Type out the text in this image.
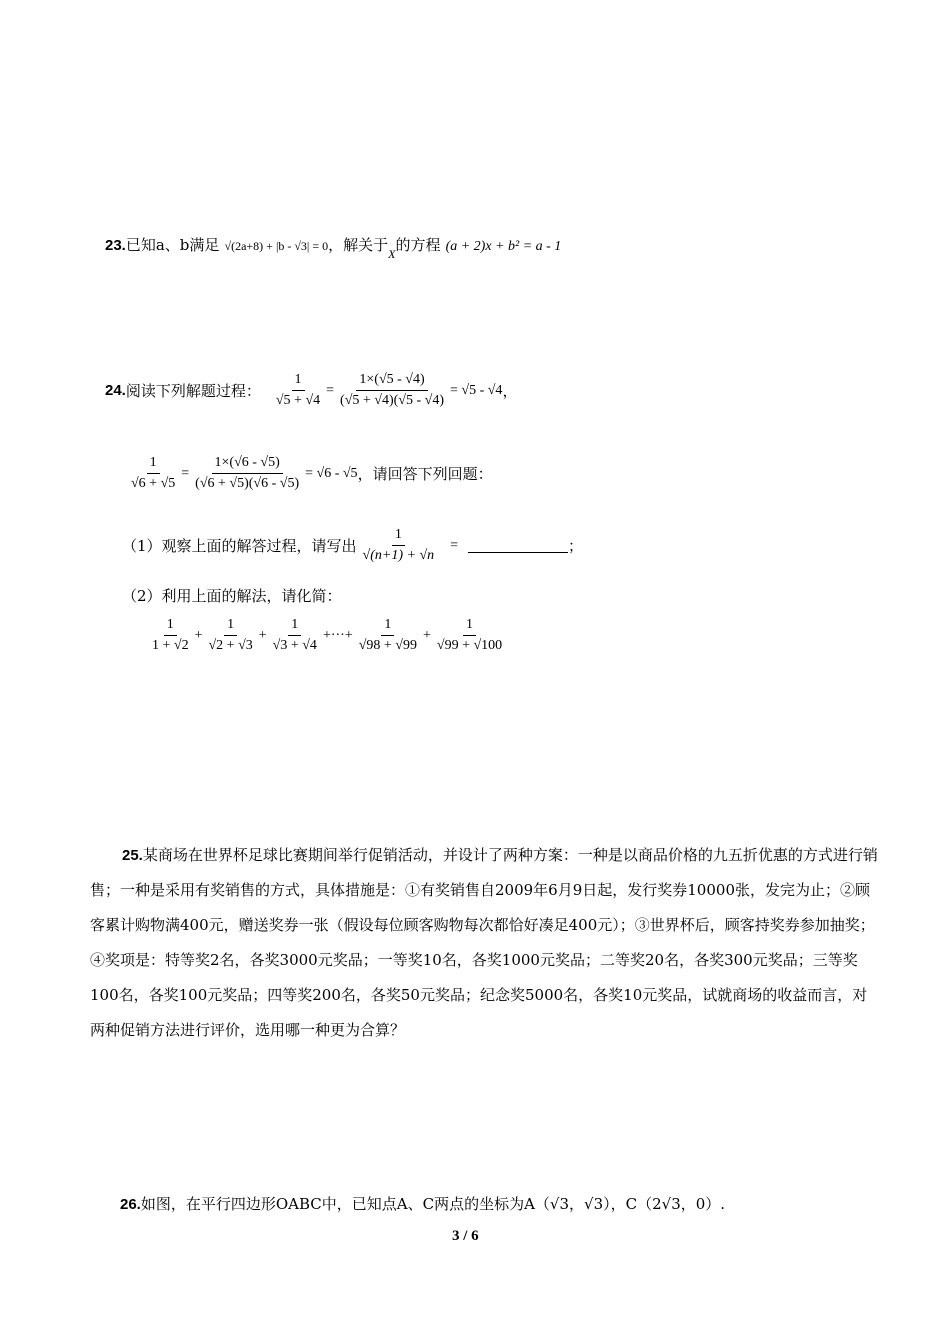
23.已知a、b满足 √(2a+8) + |b - √3| = 0，解关于$_X$的方程 (a + 2)x + b² = a - 1
24. 阅读下列解题过程： $\frac{1}{√5 + √4} = \frac{1\times(√5 - √4)}{(√5 + √4)(√5 - √4)} = √5 - √4$ ，
$\frac{1}{√6 + √5} = \frac{1\times(√6 - √5)}{(√6 + √5)(√6 - √5)} = √6 - √5$ ，请回答下列回题：
（1）观察上面的解答过程，请写出 $\frac{1}{√(n+1) + √n}$ =	；
（2）利用上面的解法，请化简：
$\frac{1}{1 + √2} + \frac{1}{√2 + √3} + \frac{1}{√3 + √4}$ +···+ $\frac{1}{√98 + √99} + \frac{1}{√99 + √100}$
25.某商场在世界杯足球比赛期间举行促销活动，并设计了两种方案：一种是以商品价格的九五折优惠的方式进行销售；一种是采用有奖销售的方式，具体措施是：①有奖销售自2009年6月9日起，发行奖券10000张，发完为止；②顾客累计购物满400元，赠送奖券一张（假设每位顾客购物每次都恰好凑足400元）；③世界杯后，顾客持奖券参加抽奖；④奖项是：特等奖2名，各奖3000元奖品；一等奖10名，各奖1000元奖品；二等奖20名，各奖300元奖品；三等奖100名，各奖100元奖品；四等奖200名，各奖50元奖品；纪念奖5000名，各奖10元奖品，试就商场的收益而言，对两种促销方法进行评价，选用哪一种更为合算？
26.如图，在平行四边形OABC中，已知点A、C两点的坐标为A（√3，√3），C（2√3，0）.
3 / 6
